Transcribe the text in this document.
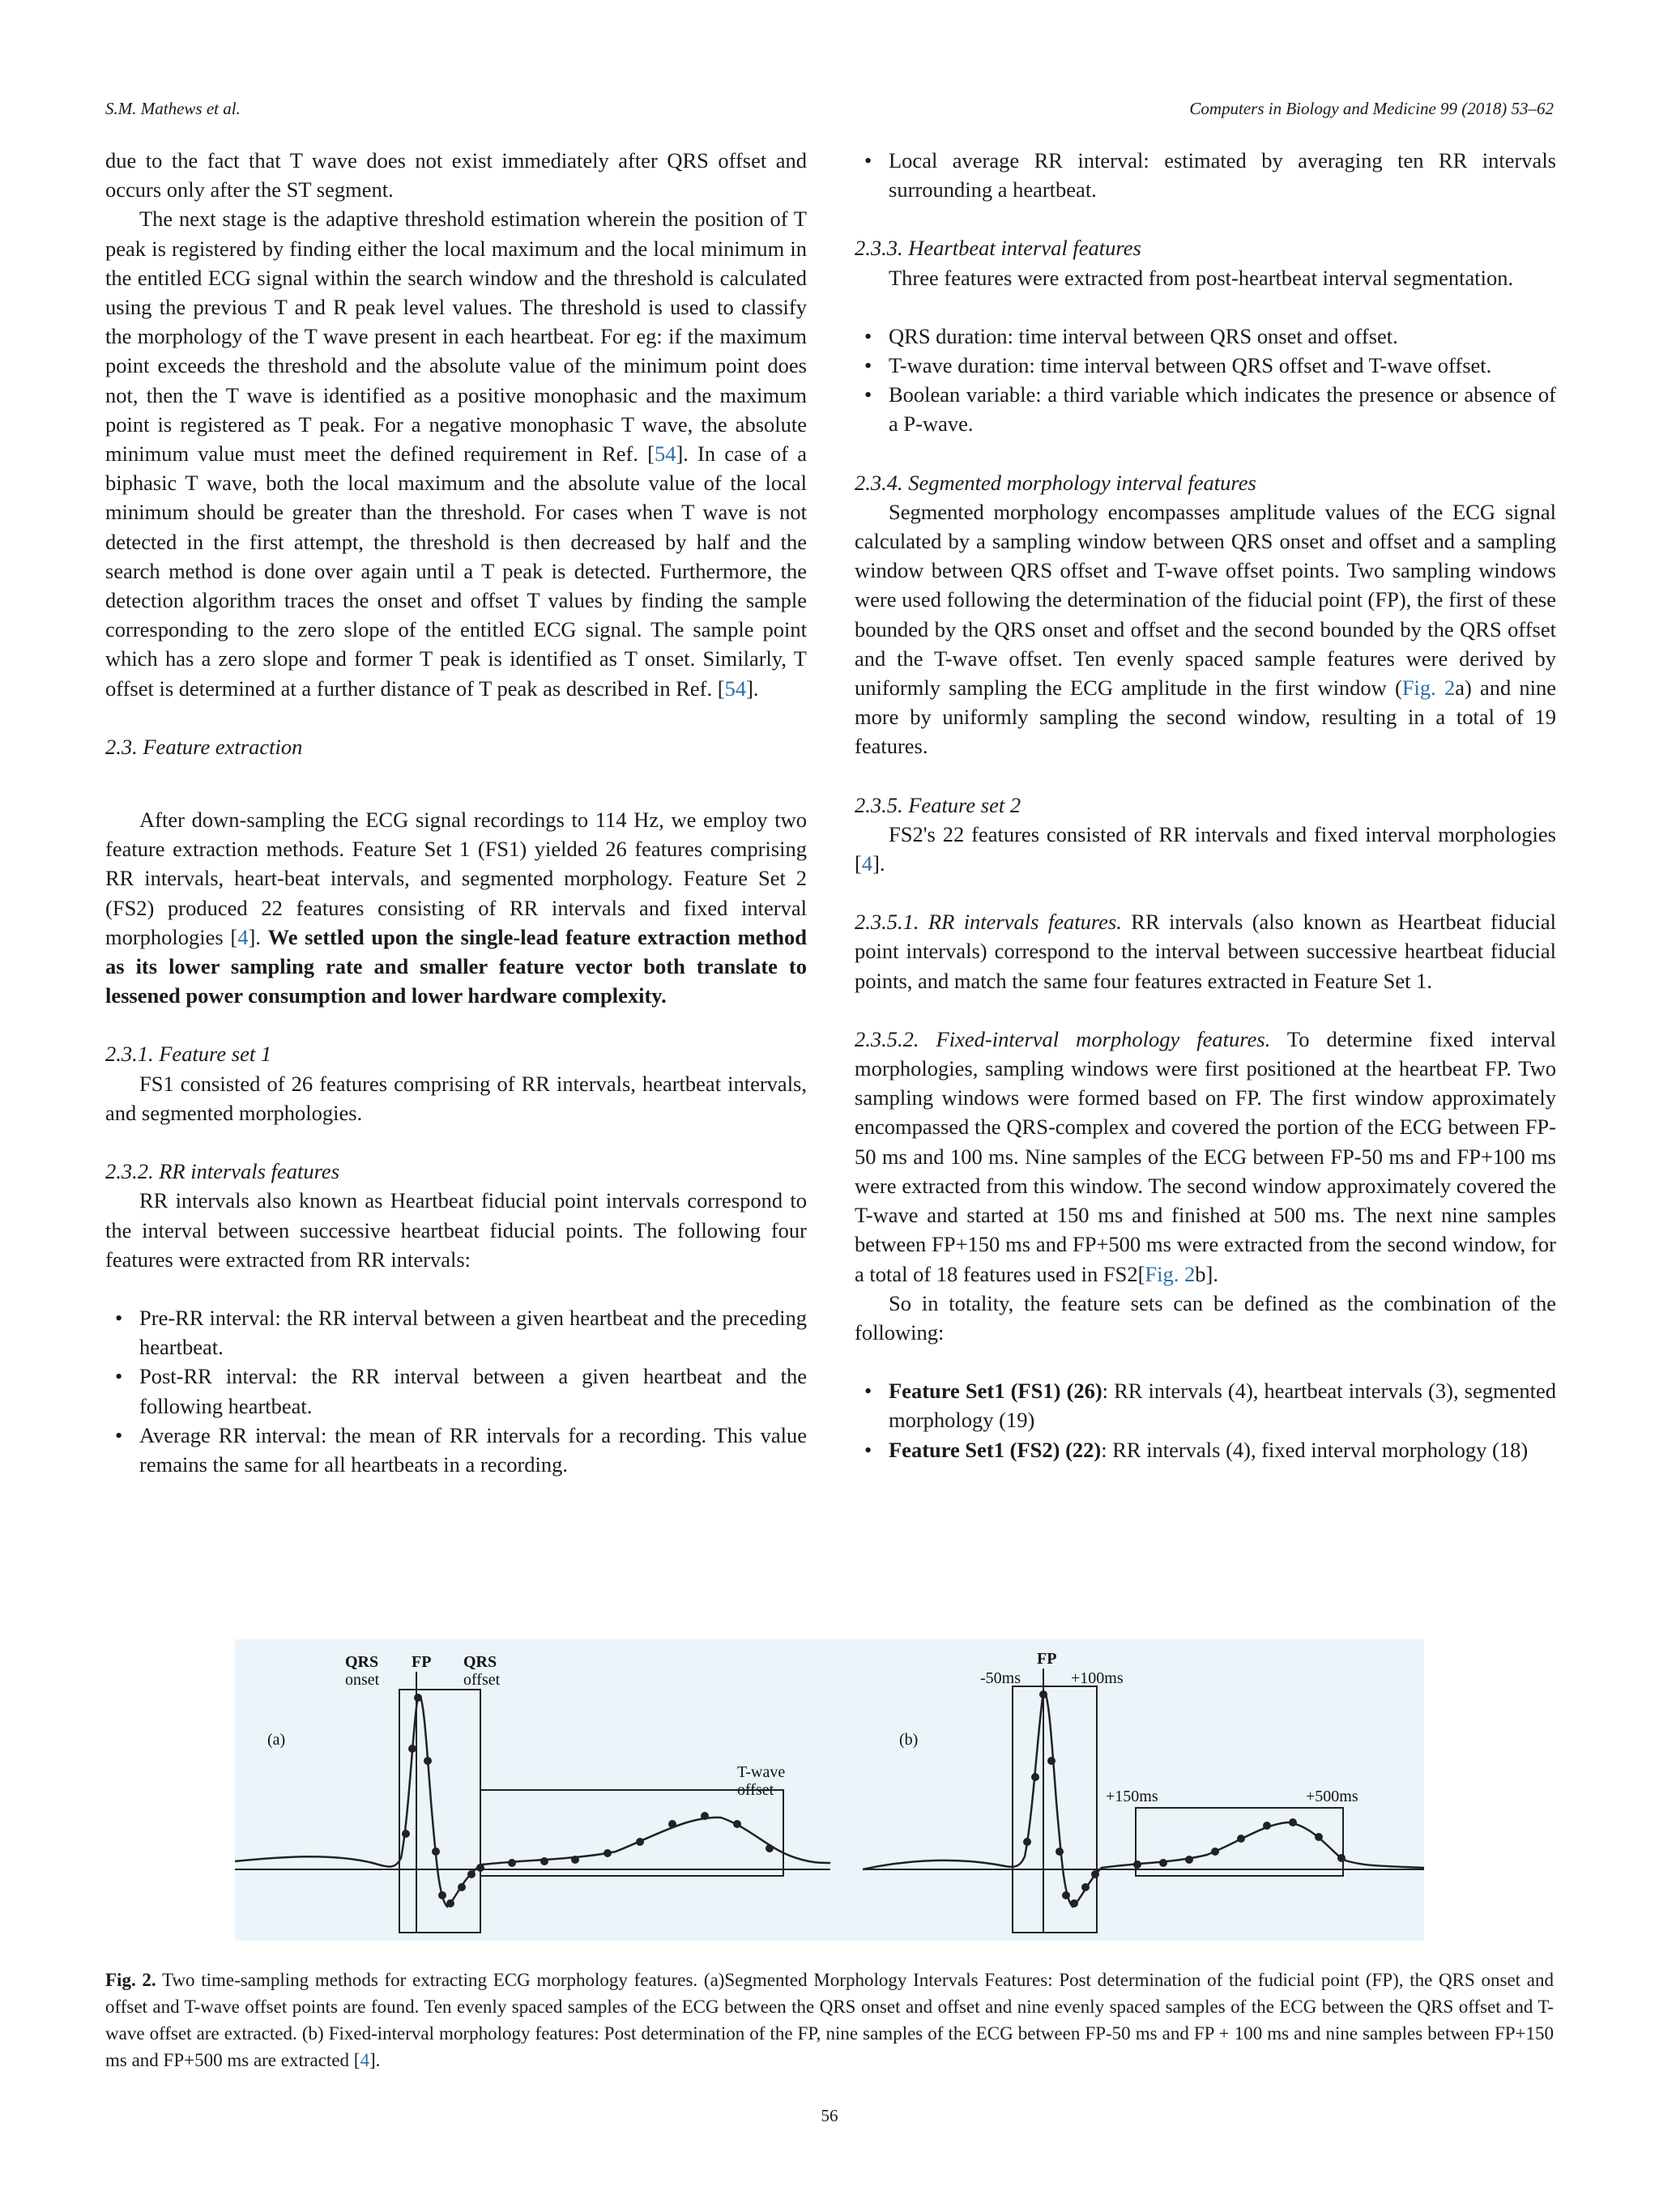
S.M. Mathews et al.	Computers in Biology and Medicine 99 (2018) 53–62

due to the fact that T wave does not exist immediately after QRS offset and occurs only after the ST segment.

The next stage is the adaptive threshold estimation wherein the position of T peak is registered by finding either the local maximum and the local minimum in the entitled ECG signal within the search window and the threshold is calculated using the previous T and R peak level values. The threshold is used to classify the morphology of the T wave present in each heartbeat. For eg: if the maximum point exceeds the threshold and the absolute value of the minimum point does not, then the T wave is identified as a positive monophasic and the maximum point is registered as T peak. For a negative monophasic T wave, the absolute minimum value must meet the defined requirement in Ref. [54]. In case of a biphasic T wave, both the local maximum and the absolute value of the local minimum should be greater than the threshold. For cases when T wave is not detected in the first attempt, the threshold is then decreased by half and the search method is done over again until a T peak is detected. Furthermore, the detection algorithm traces the onset and offset T values by finding the sample corresponding to the zero slope of the entitled ECG signal. The sample point which has a zero slope and former T peak is identified as T onset. Similarly, T offset is determined at a further distance of T peak as described in Ref. [54].

2.3. Feature extraction

After down-sampling the ECG signal recordings to 114 Hz, we employ two feature extraction methods. Feature Set 1 (FS1) yielded 26 features comprising RR intervals, heart-beat intervals, and segmented morphology. Feature Set 2 (FS2) produced 22 features consisting of RR intervals and fixed interval morphologies [4]. We settled upon the single-lead feature extraction method as its lower sampling rate and smaller feature vector both translate to lessened power consumption and lower hardware complexity.

2.3.1. Feature set 1

FS1 consisted of 26 features comprising of RR intervals, heartbeat intervals, and segmented morphologies.

2.3.2. RR intervals features

RR intervals also known as Heartbeat fiducial point intervals correspond to the interval between successive heartbeat fiducial points. The following four features were extracted from RR intervals:

• Pre-RR interval: the RR interval between a given heartbeat and the preceding heartbeat.
• Post-RR interval: the RR interval between a given heartbeat and the following heartbeat.
• Average RR interval: the mean of RR intervals for a recording. This value remains the same for all heartbeats in a recording.
• Local average RR interval: estimated by averaging ten RR intervals surrounding a heartbeat.

2.3.3. Heartbeat interval features

Three features were extracted from post-heartbeat interval segmentation.

• QRS duration: time interval between QRS onset and offset.
• T-wave duration: time interval between QRS offset and T-wave offset.
• Boolean variable: a third variable which indicates the presence or absence of a P-wave.

2.3.4. Segmented morphology interval features

Segmented morphology encompasses amplitude values of the ECG signal calculated by a sampling window between QRS onset and offset and a sampling window between QRS offset and T-wave offset points. Two sampling windows were used following the determination of the fiducial point (FP), the first of these bounded by the QRS onset and offset and the second bounded by the QRS offset and the T-wave offset. Ten evenly spaced sample features were derived by uniformly sampling the ECG amplitude in the first window (Fig. 2a) and nine more by uniformly sampling the second window, resulting in a total of 19 features.

2.3.5. Feature set 2

FS2's 22 features consisted of RR intervals and fixed interval morphologies [4].

2.3.5.1. RR intervals features. RR intervals (also known as Heartbeat fiducial point intervals) correspond to the interval between successive heartbeat fiducial points, and match the same four features extracted in Feature Set 1.

2.3.5.2. Fixed-interval morphology features. To determine fixed interval morphologies, sampling windows were first positioned at the heartbeat FP. Two sampling windows were formed based on FP. The first window approximately encompassed the QRS-complex and covered the portion of the ECG between FP-50 ms and 100 ms. Nine samples of the ECG between FP-50 ms and FP+100 ms were extracted from this window. The second window approximately covered the T-wave and started at 150 ms and finished at 500 ms. The next nine samples between FP+150 ms and FP+500 ms were extracted from the second window, for a total of 18 features used in FS2[Fig. 2b].

So in totality, the feature sets can be defined as the combination of the following:

• Feature Set1 (FS1) (26): RR intervals (4), heartbeat intervals (3), segmented morphology (19)
• Feature Set1 (FS2) (22): RR intervals (4), fixed interval morphology (18)
(a)
QRS
onset
FP QRS
offset
T-wave
offset
(b)
FP
-50ms	+100ms
+150ms	+500ms
Fig. 2. Two time-sampling methods for extracting ECG morphology features. (a)Segmented Morphology Intervals Features: Post determination of the fudicial point (FP), the QRS onset and offset and T-wave offset points are found. Ten evenly spaced samples of the ECG between the QRS onset and offset and nine evenly spaced samples of the ECG between the QRS offset and T-wave offset are extracted. (b) Fixed-interval morphology features: Post determination of the FP, nine samples of the ECG between FP-50 ms and FP + 100 ms and nine samples between FP+150 ms and FP+500 ms are extracted [4].
56
